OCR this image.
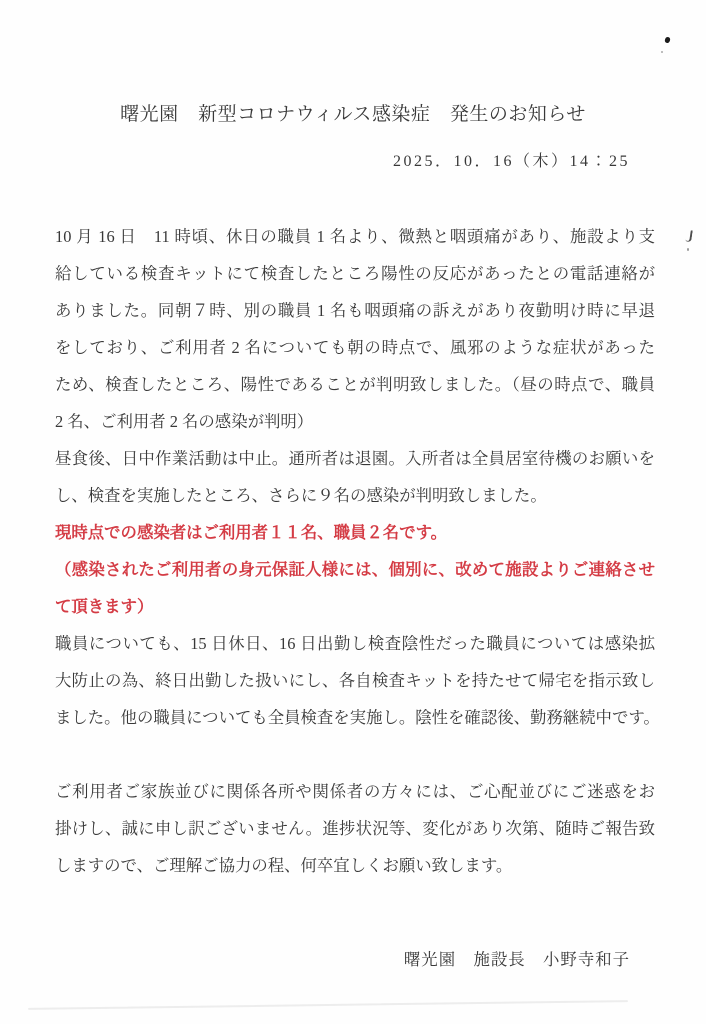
曙光園　新型コロナウィルス感染症　発生のお知らせ
2025．10．16（木）14：25
10 月 16 日　11 時頃、休日の職員 1 名より、微熱と咽頭痛があり、施設より支
給している検査キットにて検査したところ陽性の反応があったとの電話連絡が
ありました。同朝７時、別の職員 1 名も咽頭痛の訴えがあり夜勤明け時に早退
をしており、ご利用者 2 名についても朝の時点で、風邪のような症状があった
ため、検査したところ、陽性であることが判明致しました。（昼の時点で、職員
2 名、ご利用者 2 名の感染が判明）
昼食後、日中作業活動は中止。通所者は退園。入所者は全員居室待機のお願いを
し、検査を実施したところ、さらに９名の感染が判明致しました。
現時点での感染者はご利用者１１名、職員２名です。
（感染されたご利用者の身元保証人様には、個別に、改めて施設よりご連絡させ
て頂きます）
職員についても、15 日休日、16 日出勤し検査陰性だった職員については感染拡
大防止の為、終日出勤した扱いにし、各自検査キットを持たせて帰宅を指示致し
ました。他の職員についても全員検査を実施し。陰性を確認後、勤務継続中です。
ご利用者ご家族並びに関係各所や関係者の方々には、ご心配並びにご迷惑をお
掛けし、誠に申し訳ございません。進捗状況等、変化があり次第、随時ご報告致
しますので、ご理解ご協力の程、何卒宜しくお願い致します。
曙光園　施設長　小野寺和子
